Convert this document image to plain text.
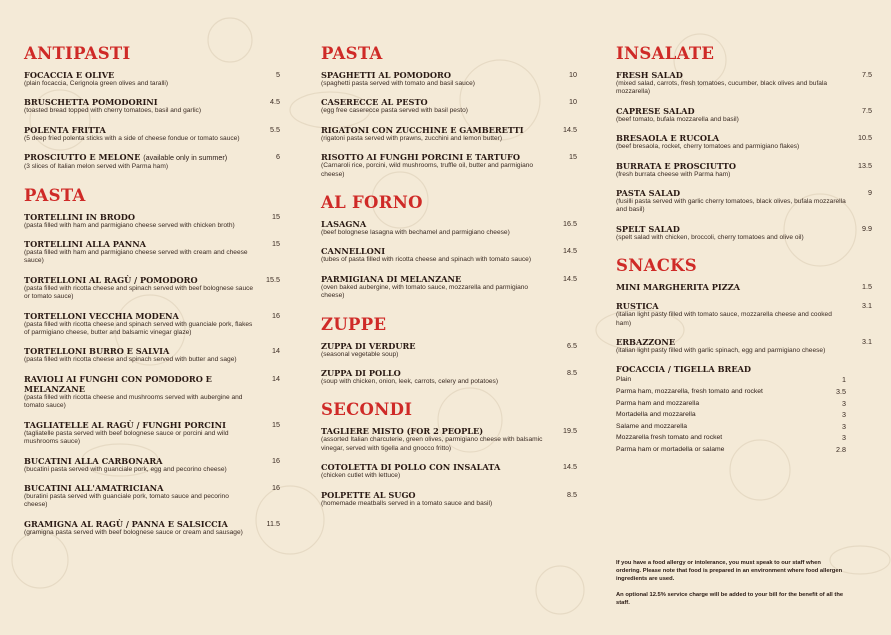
ANTIPASTI
FOCACCIA E OLIVE
(plain focaccia, Cerignola green olives and taralli)
5
BRUSCHETTA POMODORINI
(toasted bread topped with cherry tomatoes, basil and garlic)
4.5
POLENTA FRITTA
(5 deep fried polenta sticks with a side of cheese fondue or tomato sauce)
5.5
PROSCIUTTO E MELONE (available only in summer)
(3 slices of Italian melon served with Parma ham)
6
PASTA
TORTELLINI IN BRODO
(pasta filled with ham and parmigiano cheese served with chicken broth)
15
TORTELLINI ALLA PANNA
(pasta filled with ham and parmigiano cheese served with cream and cheese sauce)
15
TORTELLONI AL RAGÙ / POMODORO
(pasta filled with ricotta cheese and spinach served with beef bolognese sauce or tomato sauce)
15.5
TORTELLONI VECCHIA MODENA
(pasta filled with ricotta cheese and spinach served with guanciale pork, flakes of parmigiano cheese, butter and balsamic vinegar glaze)
16
TORTELLONI BURRO E SALVIA
(pasta filled with ricotta cheese and spinach served with butter and sage)
14
RAVIOLI AI FUNGHI CON POMODORO E MELANZANE
(pasta filled with ricotta cheese and mushrooms served with aubergine and tomato sauce)
14
TAGLIATELLE AL RAGÙ / FUNGHI PORCINI
(tagliatelle pasta served with beef bolognese sauce or porcini and wild mushrooms sauce)
15
BUCATINI ALLA CARBONARA
(bucatini pasta served with guanciale pork, egg and pecorino cheese)
16
BUCATINI ALL'AMATRICIANA
(buratini pasta served with guanciale pork, tomato sauce and pecorino cheese)
16
GRAMIGNA AL RAGÙ / PANNA E SALSICCIA
(gramigna pasta served with beef bolognese sauce or cream and sausage)
11.5
PASTA
SPAGHETTI AL POMODORO
(spaghetti pasta served with tomato and basil sauce)
10
CASERECCE AL PESTO
(egg free caserecce pasta served with basil pesto)
10
RIGATONI CON ZUCCHINE E GAMBERETTI
(rigatoni pasta served with prawns, zucchini and lemon butter)
14.5
RISOTTO AI FUNGHI PORCINI E TARTUFO
(Carnaroli rice, porcini, wild mushrooms, truffle oil, butter and parmigiano cheese)
15
AL FORNO
LASAGNA
(beef bolognese lasagna with bechamel and parmigiano cheese)
16.5
CANNELLONI
(tubes of pasta filled with ricotta cheese and spinach with tomato sauce)
14.5
PARMIGIANA DI MELANZANE
(oven baked aubergine, with tomato sauce, mozzarella and parmigiano cheese)
14.5
ZUPPE
ZUPPA DI VERDURE
(seasonal vegetable soup)
6.5
ZUPPA DI POLLO
(soup with chicken, onion, leek, carrots, celery and potatoes)
8.5
SECONDI
TAGLIERE MISTO (FOR 2 PEOPLE)
(assorted Italian charcuterie, green olives, parmigiano cheese with balsamic vinegar, served with tigella and gnocco fritto)
19.5
COTOLETTA DI POLLO CON INSALATA
(chicken cutlet with lettuce)
14.5
POLPETTE AL SUGO
(homemade meatballs served in a tomato sauce and basil)
8.5
INSALATE
FRESH SALAD
(mixed salad, carrots, fresh tomatoes, cucumber, black olives and bufala mozzarella)
7.5
CAPRESE SALAD
(beef tomato, bufala mozzarella and basil)
7.5
BRESAOLA E RUCOLA
(beef bresaola, rocket, cherry tomatoes and parmigiano flakes)
10.5
BURRATA E PROSCIUTTO
(fresh burrata cheese with Parma ham)
13.5
PASTA SALAD
(fusilli pasta served with garlic cherry tomatoes, black olives, bufala mozzarella and basil)
9
SPELT SALAD
(spelt salad with chicken, broccoli, cherry tomatoes and olive oil)
9.9
SNACKS
MINI MARGHERITA PIZZA	1.5
RUSTICA
(italian light pasty filled with tomato sauce, mozzarella cheese and cooked ham)
3.1
ERBAZZONE
(italian light pasty filled with garlic spinach, egg and parmigiano cheese)
3.1
FOCACCIA / TIGELLA BREAD
Plain	1
Parma ham, mozzarella, fresh tomato and rocket	3.5
Parma ham and mozzarella	3
Mortadella and mozzarella	3
Salame and mozzarella	3
Mozzarella fresh tomato and rocket	3
Parma ham or mortadella or salame	2.8

If you have a food allergy or intolerance, you must speak to our staff when ordering. Please note that food is prepared in an environment where food allergen ingredients are used.

An optional 12.5% service charge will be added to your bill for the benefit of all the staff.
